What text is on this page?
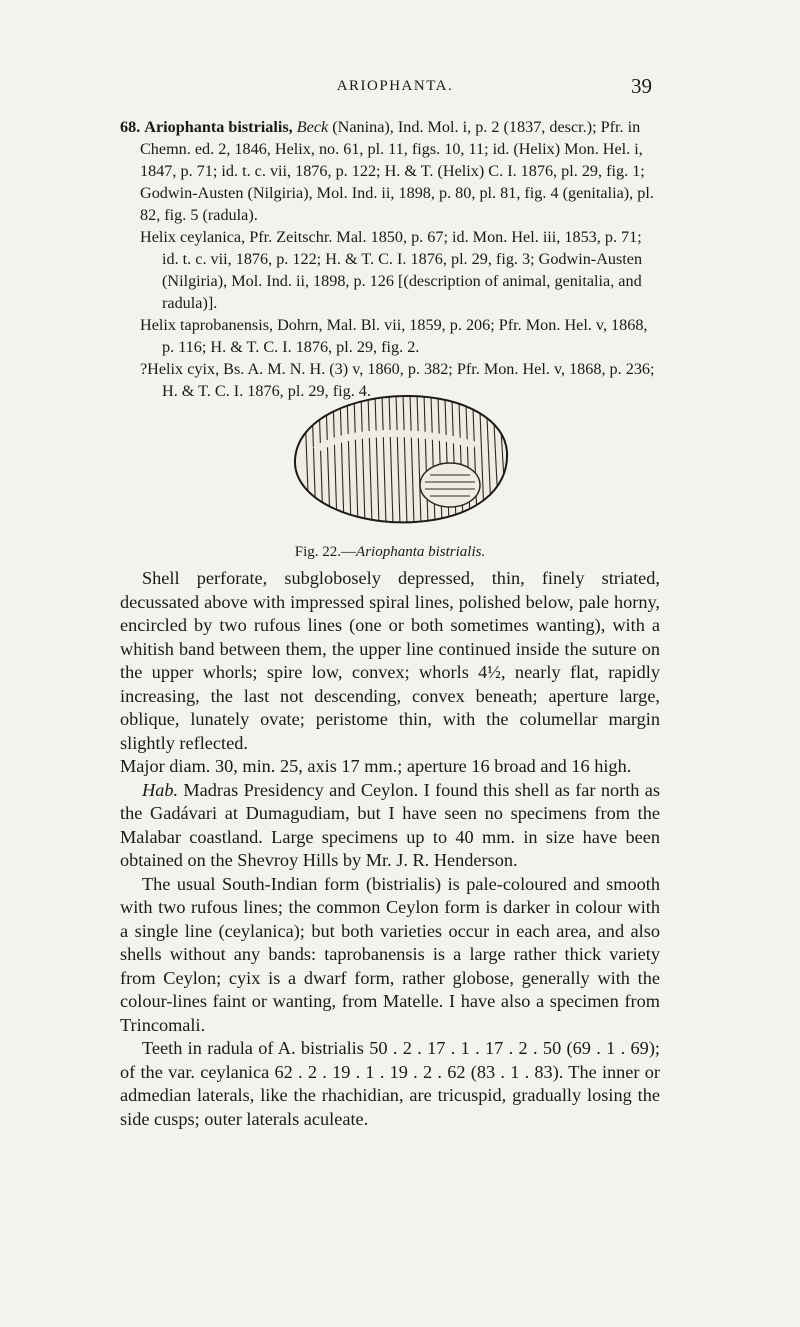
ARIOPHANTA.	39

68. Ariophanta bistrialis, Beck (Nanina), Ind. Mol. i, p. 2 (1837, descr.); Pfr. in Chemn. ed. 2, 1846, Helix, no. 61, pl. 11, figs. 10, 11; id. (Helix) Mon. Hel. i, 1847, p. 71; id. t. c. vii, 1876, p. 122; H. & T. (Helix) C. I. 1876, pl. 29, fig. 1; Godwin-Austen (Nilgiria), Mol. Ind. ii, 1898, p. 80, pl. 81, fig. 4 (genitalia), pl. 82, fig. 5 (radula).

Helix ceylanica, Pfr. Zeitschr. Mal. 1850, p. 67; id. Mon. Hel. iii, 1853, p. 71; id. t. c. vii, 1876, p. 122; H. & T. C. I. 1876, pl. 29, fig. 3; Godwin-Austen (Nilgiria), Mol. Ind. ii, 1898, p. 126 [(description of animal, genitalia, and radula)].

Helix taprobanensis, Dohrn, Mal. Bl. vii, 1859, p. 206; Pfr. Mon. Hel. v, 1868, p. 116; H. & T. C. I. 1876, pl. 29, fig. 2.

?Helix cyix, Bs. A. M. N. H. (3) v, 1860, p. 382; Pfr. Mon. Hel. v, 1868, p. 236; H. & T. C. I. 1876, pl. 29, fig. 4.

Fig. 22.—Ariophanta bistrialis.

Shell perforate, subglobosely depressed, thin, finely striated, decussated above with impressed spiral lines, polished below, pale horny, encircled by two rufous lines (one or both sometimes wanting), with a whitish band between them, the upper line continued inside the suture on the upper whorls; spire low, convex; whorls 4½, nearly flat, rapidly increasing, the last not descending, convex beneath; aperture large, oblique, lunately ovate; peristome thin, with the columellar margin slightly reflected.

Major diam. 30, min. 25, axis 17 mm.; aperture 16 broad and 16 high.

Hab. Madras Presidency and Ceylon. I found this shell as far north as the Gadávari at Dumagudiam, but I have seen no specimens from the Malabar coastland. Large specimens up to 40 mm. in size have been obtained on the Shevroy Hills by Mr. J. R. Henderson.

The usual South-Indian form (bistrialis) is pale-coloured and smooth with two rufous lines; the common Ceylon form is darker in colour with a single line (ceylanica); but both varieties occur in each area, and also shells without any bands: taprobanensis is a large rather thick variety from Ceylon; cyix is a dwarf form, rather globose, generally with the colour-lines faint or wanting, from Matelle. I have also a specimen from Trincomali.

Teeth in radula of A. bistrialis 50 . 2 . 17 . 1 . 17 . 2 . 50 (69 . 1 . 69); of the var. ceylanica 62 . 2 . 19 . 1 . 19 . 2 . 62 (83 . 1 . 83). The inner or admedian laterals, like the rhachidian, are tricuspid, gradually losing the side cusps; outer laterals aculeate.
